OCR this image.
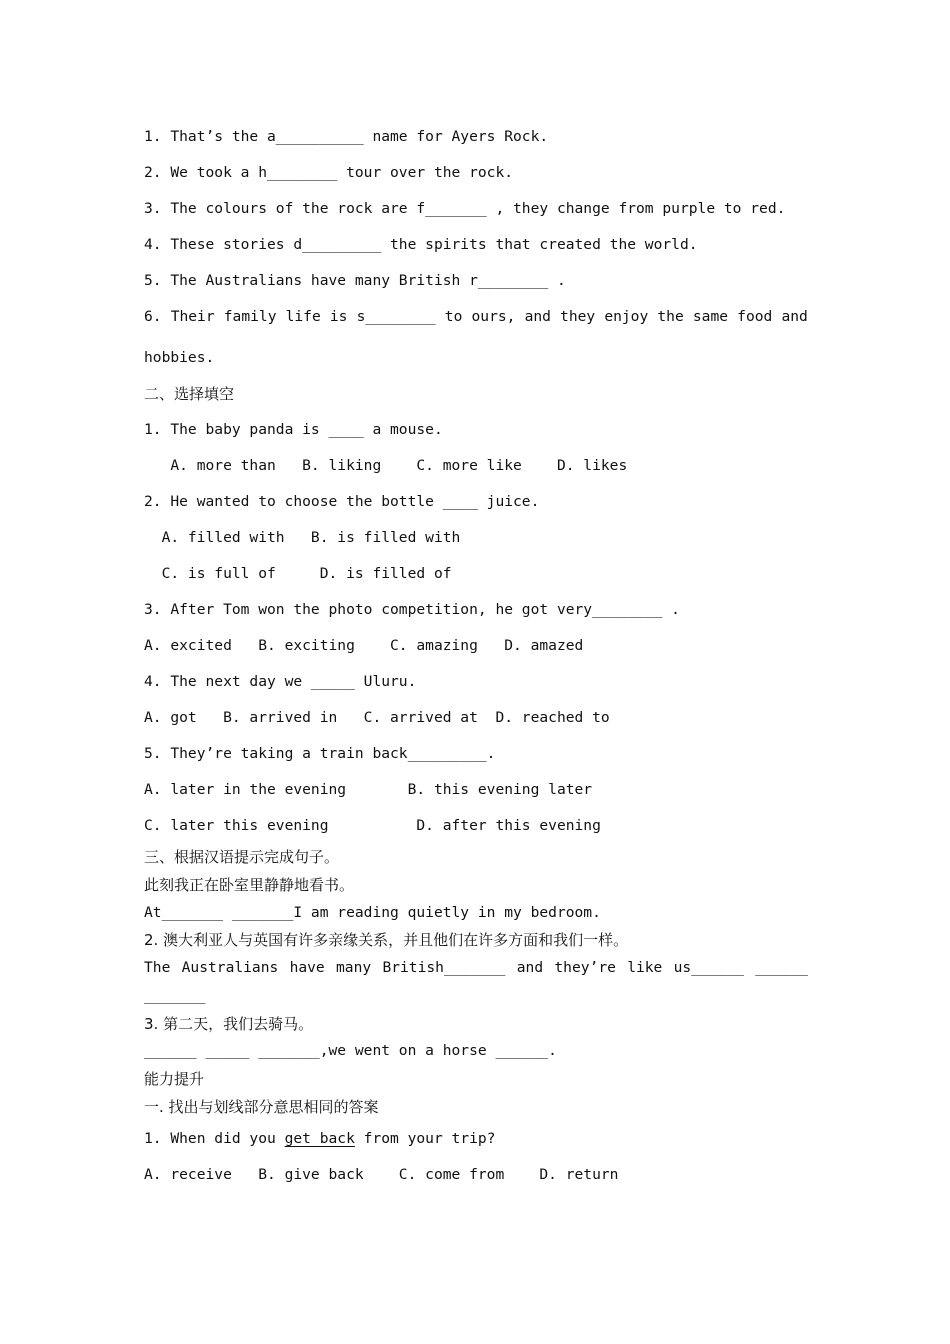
1. That’s the a__________ name for Ayers Rock.
2. We took a h________ tour over the rock.
3. The colours of the rock are f_______ , they change from purple to red.
4. These stories d_________ the spirits that created the world.
5. The Australians have many British r________ .
6. Their family life is s________ to ours, and they enjoy the same food and
hobbies.
二、选择填空
1. The baby panda is ____ a mouse.
A. more than   B. liking    C. more like    D. likes
2. He wanted to choose the bottle ____ juice.
A. filled with   B. is filled with
C. is full of     D. is filled of
3. After Tom won the photo competition, he got very________ .
A. excited   B. exciting    C. amazing   D. amazed
4. The next day we _____ Uluru.
A. got   B. arrived in   C. arrived at  D. reached to
5. They’re taking a train back_________.
A. later in the evening       B. this evening later
C. later this evening          D. after this evening
三、根据汉语提示完成句子。
此刻我正在卧室里静静地看书。
At_______ _______I am reading quietly in my bedroom.
2. 澳大利亚人与英国有许多亲缘关系，并且他们在许多方面和我们一样。
The Australians have many British_______ and they’re like us______ ______
_______
3. 第二天，我们去骑马。
______ _____ _______,we went on a horse ______.
能力提升
一. 找出与划线部分意思相同的答案
1. When did you get back from your trip?
A. receive   B. give back    C. come from    D. return
